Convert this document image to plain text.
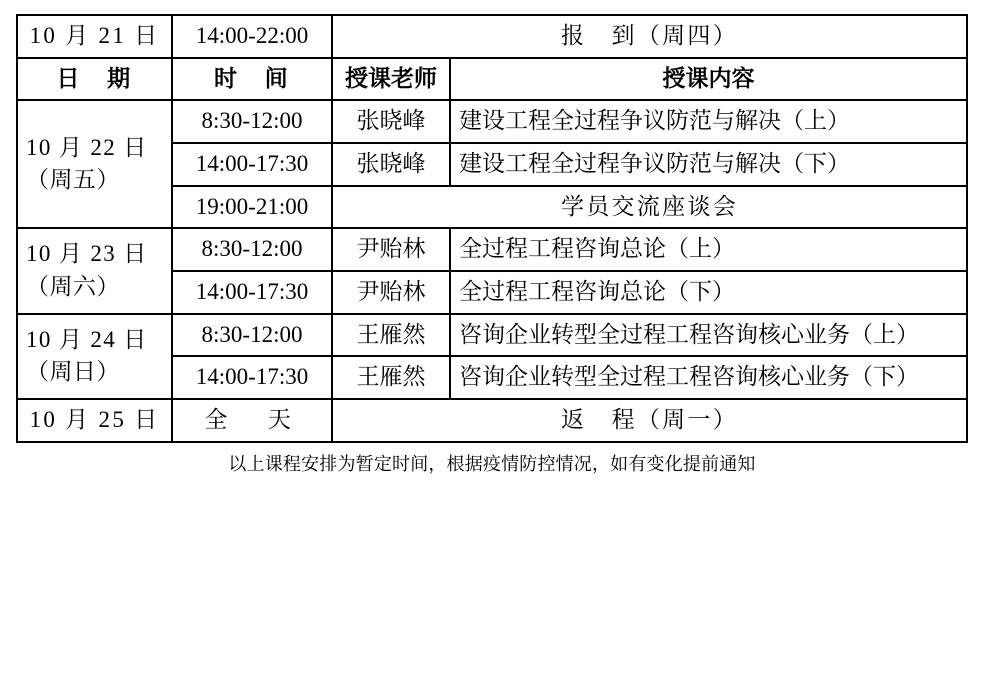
10 月 21 日	14:00-22:00	报　到（周四）	
日　期	时　间	授课老师	授课内容

10 月 22 日
（周五）	8:30-12:00	张晓峰	建设工程全过程争议防范与解决（上）
	14:00-17:30	张晓峰	建设工程全过程争议防范与解决（下）
	19:00-21:00	学员交流座谈会	

10 月 23 日
（周六）	8:30-12:00	尹贻林	全过程工程咨询总论（上）
	14:00-17:30	尹贻林	全过程工程咨询总论（下）

10 月 24 日
（周日）	8:30-12:00	王雁然	咨询企业转型全过程工程咨询核心业务（上）
	14:00-17:30	王雁然	咨询企业转型全过程工程咨询核心业务（下）
10 月 25 日	全　天	返　程（周一）	
以上课程安排为暂定时间，根据疫情防控情况，如有变化提前通知
